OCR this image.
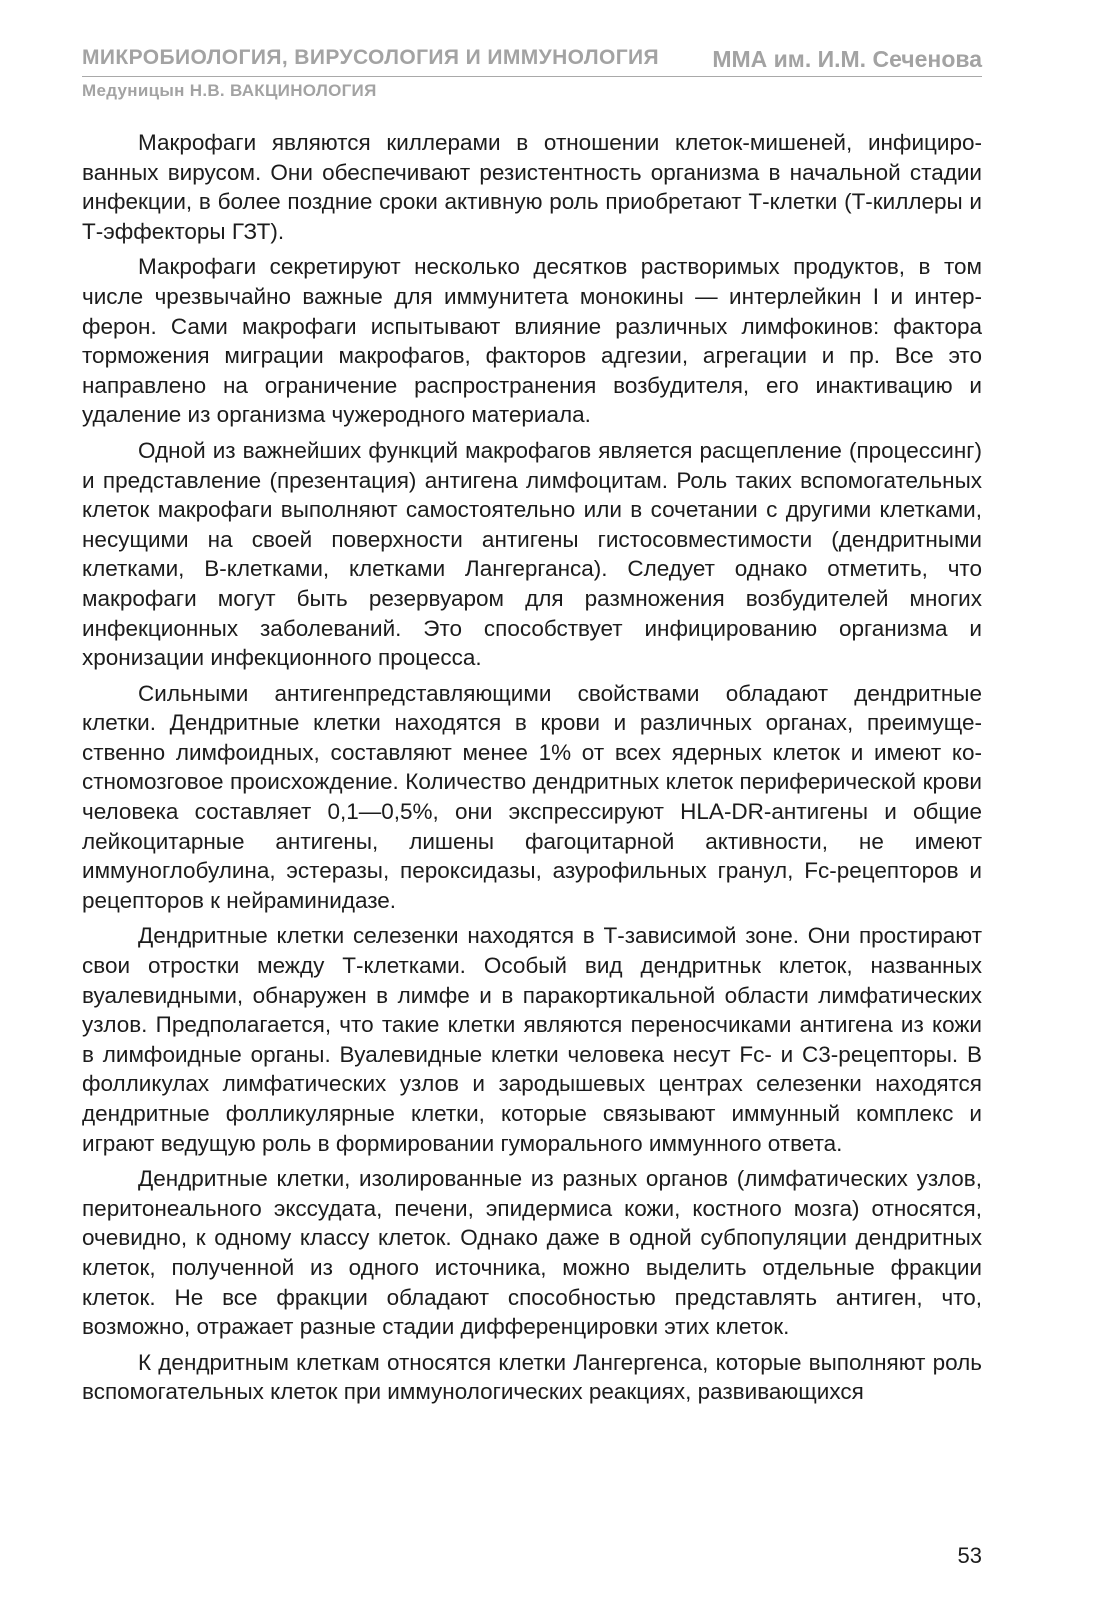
МИКРОБИОЛОГИЯ, ВИРУСОЛОГИЯ И ИММУНОЛОГИЯ ММА им. И.М. Сеченова
Медуницын Н.В. ВАКЦИНОЛОГИЯ

Макрофаги являются киллерами в отношении клеток-мишеней, инфицированных вирусом. Они обеспечивают резистентность организма в начальной стадии инфекции, в более поздние сроки активную роль приобретают Т-клетки (Т-киллеры и Т-эффекторы ГЗТ).

Макрофаги секретируют несколько десятков растворимых продуктов, в том числе чрезвычайно важные для иммунитета монокины — интерлейкин I и интерферон. Сами макрофаги испытывают влияние различных лимфокинов: фактора торможения миграции макрофагов, факторов адгезии, агрегации и пр. Все это направлено на ограничение распространения возбудителя, его инактивацию и удаление из организма чужеродного материала.

Одной из важнейших функций макрофагов является расщепление (процессинг) и представление (презентация) антигена лимфоцитам. Роль таких вспомогательных клеток макрофаги выполняют самостоятельно или в сочетании с другими клетками, несущими на своей поверхности антигены гистосовместимости (дендритными клетками, В-клетками, клетками Лангерганса). Следует однако отметить, что макрофаги могут быть резервуаром для размножения возбудителей многих инфекционных заболеваний. Это способствует инфицированию организма и хронизации инфекционного процесса.

Сильными антигенпредставляющими свойствами обладают дендритные клетки. Дендритные клетки находятся в крови и различных органах, преимущественно лимфоидных, составляют менее 1% от всех ядерных клеток и имеют костномозговое происхождение. Количество дендритных клеток периферической крови человека составляет 0,1—0,5%, они экспрессируют HLA-DR-антигены и общие лейкоцитарные антигены, лишены фагоцитарной активности, не имеют иммуноглобулина, эстеразы, пероксидазы, азурофильных гранул, Fc-рецепторов и рецепторов к нейраминидазе.

Дендритные клетки селезенки находятся в Т-зависимой зоне. Они простирают свои отростки между Т-клетками. Особый вид дендритньк клеток, названных вуалевидными, обнаружен в лимфе и в паракортикальной области лимфатических узлов. Предполагается, что такие клетки являются переносчиками антигена из кожи в лимфоидные органы. Вуалевидные клетки человека несут Fc- и С3-рецепторы. В фолликулах лимфатических узлов и зародышевых центрах селезенки находятся дендритные фолликулярные клетки, которые связывают иммунный комплекс и играют ведущую роль в формировании гуморального иммунного ответа.

Дендритные клетки, изолированные из разных органов (лимфатических узлов, перитонеального экссудата, печени, эпидермиса кожи, костного мозга) относятся, очевидно, к одному классу клеток. Однако даже в одной субпопуляции дендритных клеток, полученной из одного источника, можно выделить отдельные фракции клеток. Не все фракции обладают способностью представлять антиген, что, возможно, отражает разные стадии дифференцировки этих клеток.

К дендритным клеткам относятся клетки Лангергенса, которые выполняют роль вспомогательных клеток при иммунологических реакциях, развивающихся

53
